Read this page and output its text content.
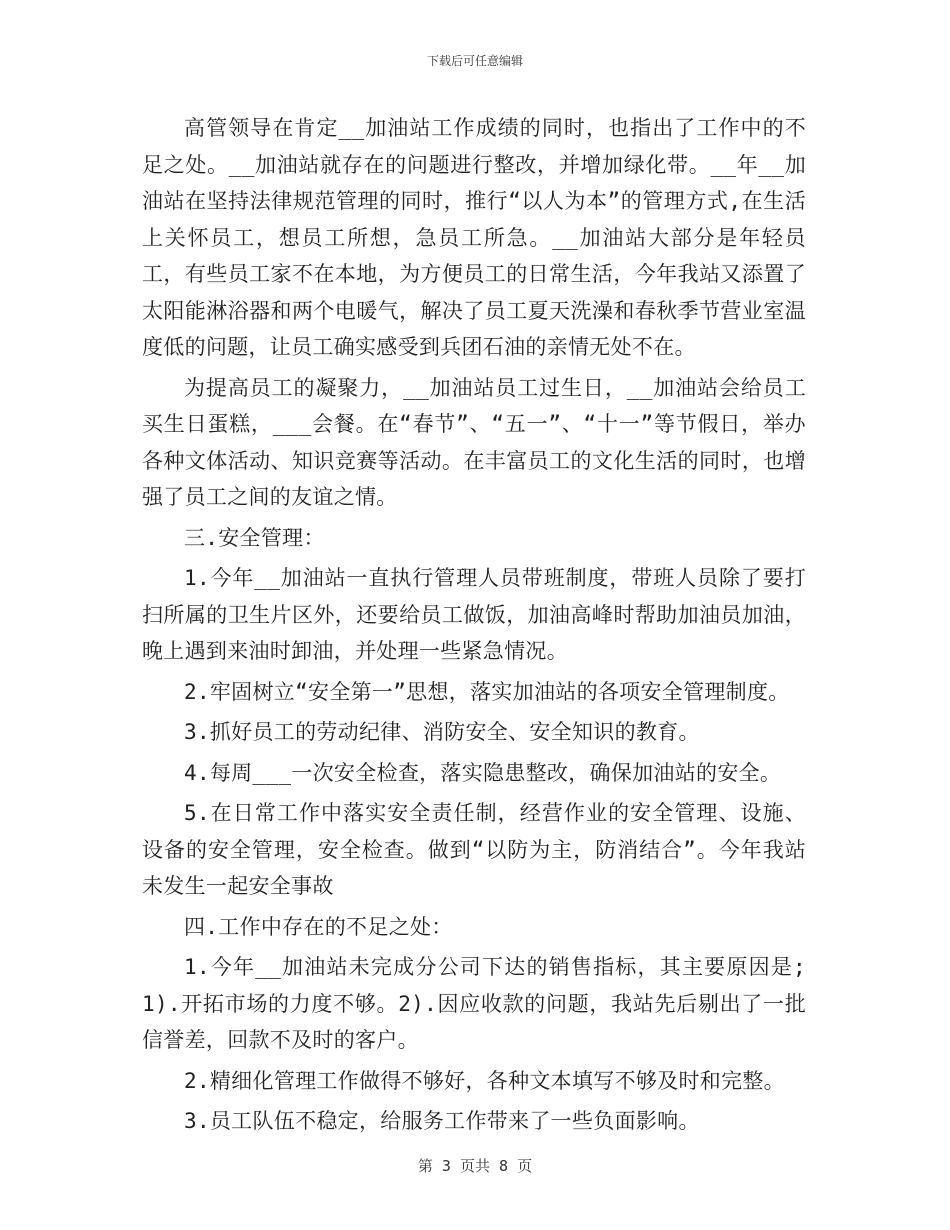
下载后可任意编辑

高管领导在肯定__加油站工作成绩的同时，也指出了工作中的不足之处。__加油站就存在的问题进行整改，并增加绿化带。__年__加油站在坚持法律规范管理的同时，推行“以人为本”的管理方式,在生活上关怀员工，想员工所想，急员工所急。__加油站大部分是年轻员工，有些员工家不在本地，为方便员工的日常生活，今年我站又添置了太阳能淋浴器和两个电暖气，解决了员工夏天洗澡和春秋季节营业室温度低的问题，让员工确实感受到兵团石油的亲情无处不在。

为提高员工的凝聚力，__加油站员工过生日，__加油站会给员工买生日蛋糕，___会餐。在“春节”、“五一”、“十一”等节假日，举办各种文体活动、知识竞赛等活动。在丰富员工的文化生活的同时，也增强了员工之间的友谊之情。

三.安全管理：

1.今年__加油站一直执行管理人员带班制度，带班人员除了要打扫所属的卫生片区外，还要给员工做饭，加油高峰时帮助加油员加油，晚上遇到来油时卸油，并处理一些紧急情况。

2.牢固树立“安全第一”思想，落实加油站的各项安全管理制度。

3.抓好员工的劳动纪律、消防安全、安全知识的教育。

4.每周___一次安全检查，落实隐患整改，确保加油站的安全。

5.在日常工作中落实安全责任制，经营作业的安全管理、设施、设备的安全管理，安全检查。做到“以防为主，防消结合”。今年我站未发生一起安全事故

四.工作中存在的不足之处：

1.今年__加油站未完成分公司下达的销售指标，其主要原因是;1).开拓市场的力度不够。2).因应收款的问题，我站先后剔出了一批信誉差，回款不及时的客户。

2.精细化管理工作做得不够好，各种文本填写不够及时和完整。

3.员工队伍不稳定，给服务工作带来了一些负面影响。

第 3 页共 8 页
